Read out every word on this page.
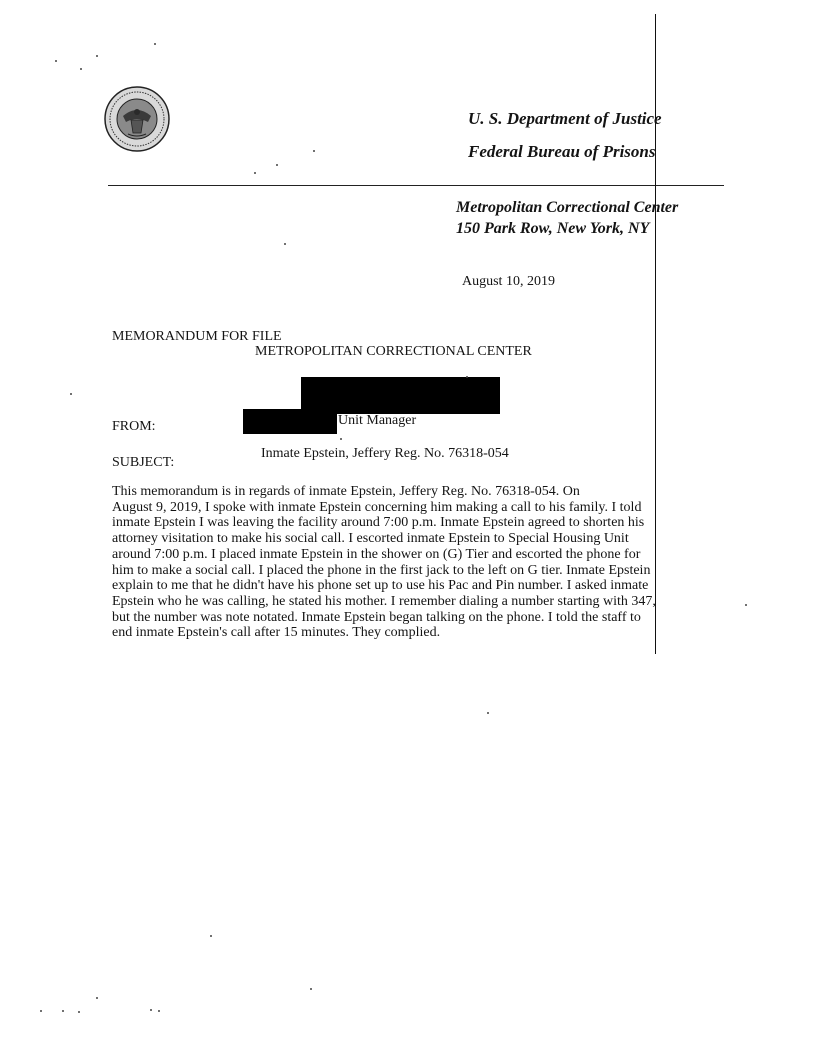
U. S. Department of Justice
Federal Bureau of Prisons
Metropolitan Correctional Center
150 Park Row, New York, NY
August 10, 2019
MEMORANDUM FOR FILE
METROPOLITAN CORRECTIONAL CENTER
FROM:	Unit Manager
SUBJECT:
Inmate Epstein, Jeffery Reg. No. 76318-054
This memorandum is in regards of inmate Epstein, Jeffery Reg. No. 76318-054. On
August 9, 2019, I spoke with inmate Epstein concerning him making a call to his family. I told
inmate Epstein I was leaving the facility around 7:00 p.m. Inmate Epstein agreed to shorten his
attorney visitation to make his social call. I escorted inmate Epstein to Special Housing Unit
around 7:00 p.m. I placed inmate Epstein in the shower on (G) Tier and escorted the phone for
him to make a social call. I placed the phone in the first jack to the left on G tier. Inmate Epstein
explain to me that he didn't have his phone set up to use his Pac and Pin number. I asked inmate
Epstein who he was calling, he stated his mother. I remember dialing a number starting with 347,
but the number was note notated. Inmate Epstein began talking on the phone. I told the staff to
end inmate Epstein's call after 15 minutes. They complied.
